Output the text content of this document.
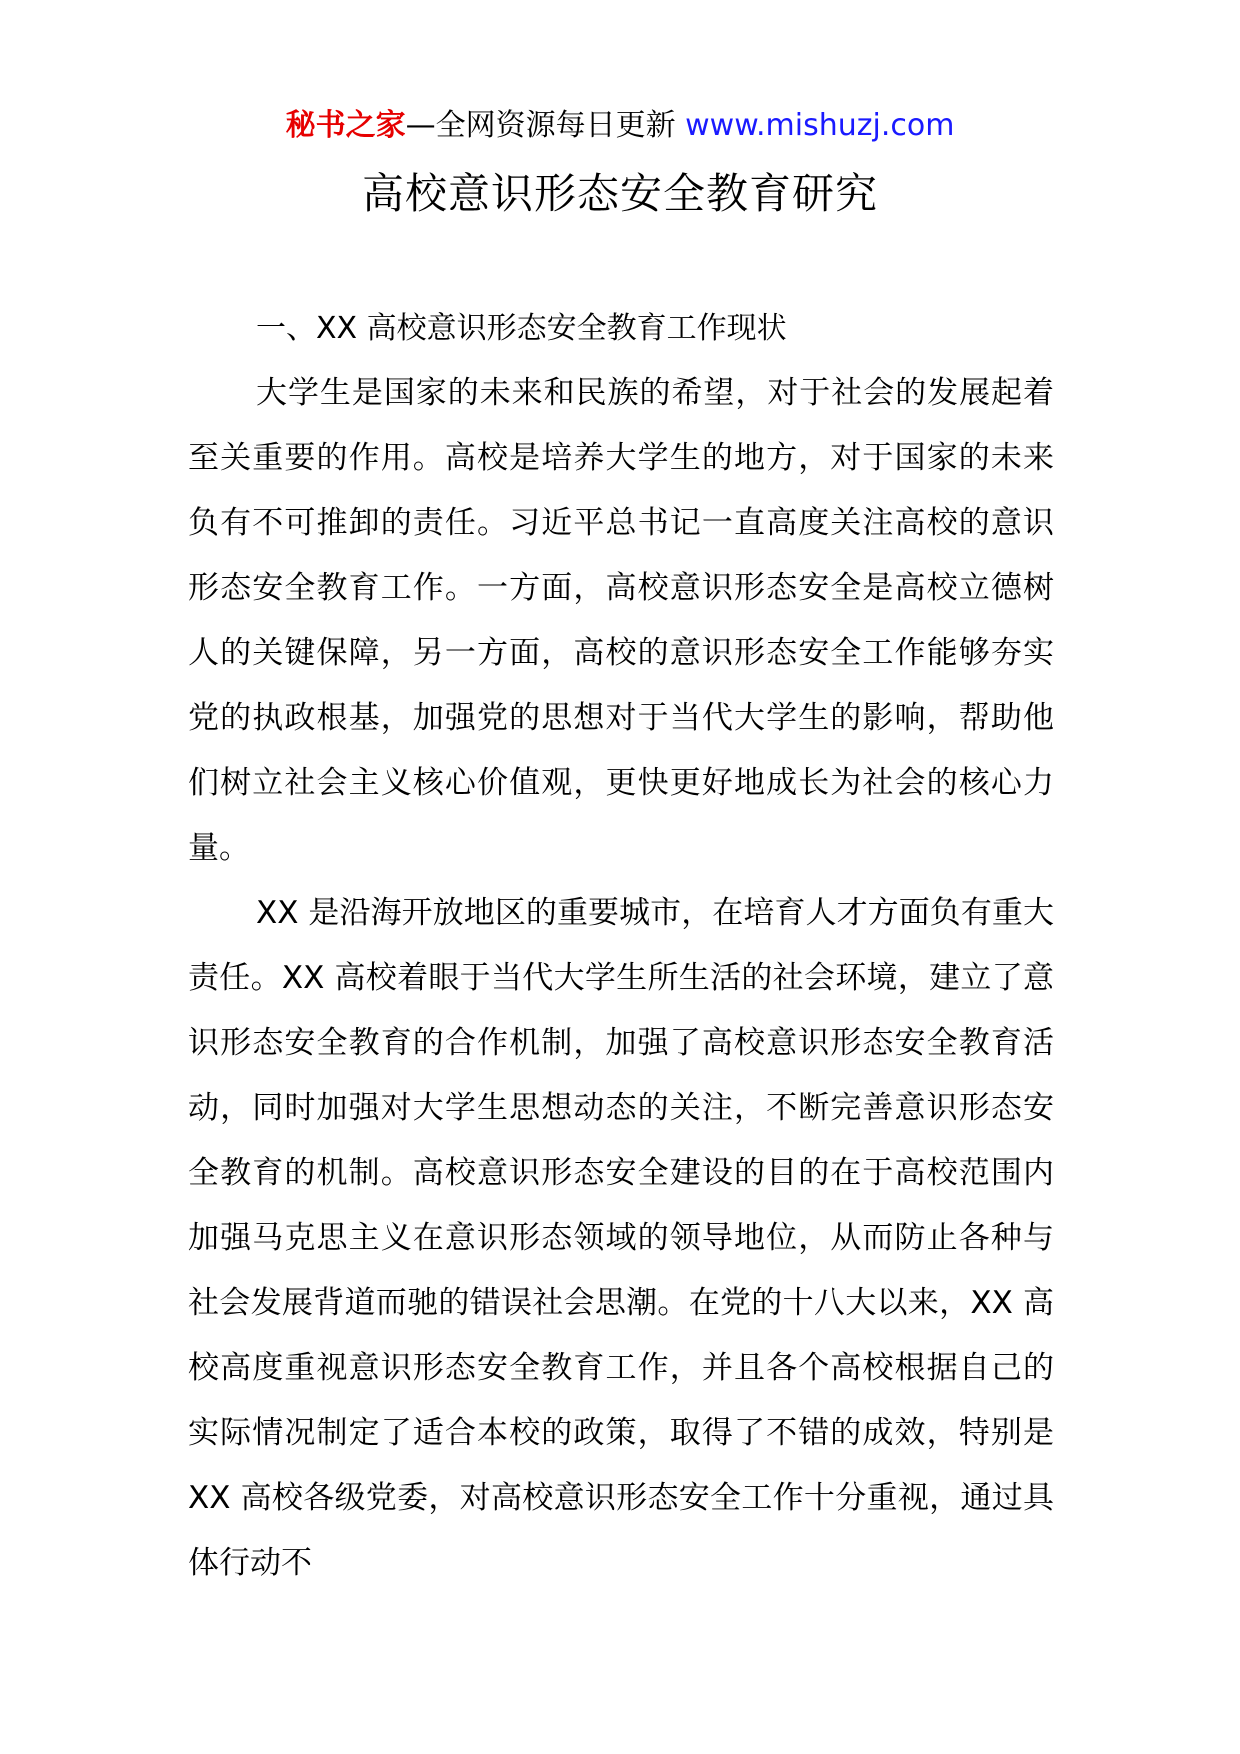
秘书之家—全网资源每日更新 www.mishuzj.com
高校意识形态安全教育研究
一、XX 高校意识形态安全教育工作现状

大学生是国家的未来和民族的希望，对于社会的发展起着至关重要的作用。高校是培养大学生的地方，对于国家的未来负有不可推卸的责任。习近平总书记一直高度关注高校的意识形态安全教育工作。一方面，高校意识形态安全是高校立德树人的关键保障，另一方面，高校的意识形态安全工作能够夯实党的执政根基，加强党的思想对于当代大学生的影响，帮助他们树立社会主义核心价值观，更快更好地成长为社会的核心力量。

XX 是沿海开放地区的重要城市，在培育人才方面负有重大责任。XX 高校着眼于当代大学生所生活的社会环境，建立了意识形态安全教育的合作机制，加强了高校意识形态安全教育活动，同时加强对大学生思想动态的关注，不断完善意识形态安全教育的机制。高校意识形态安全建设的目的在于高校范围内加强马克思主义在意识形态领域的领导地位，从而防止各种与社会发展背道而驰的错误社会思潮。在党的十八大以来，XX 高校高度重视意识形态安全教育工作，并且各个高校根据自己的实际情况制定了适合本校的政策，取得了不错的成效，特别是 XX 高校各级党委，对高校意识形态安全工作十分重视，通过具体行动不
